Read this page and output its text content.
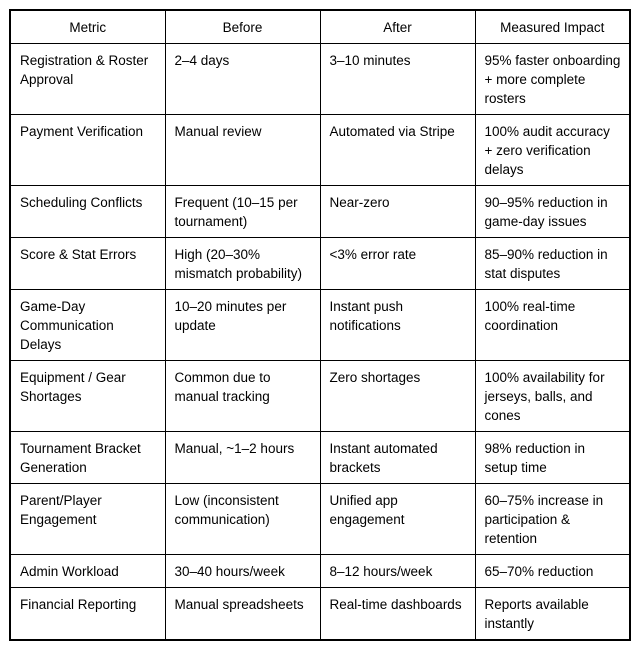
Metric	Before	After	Measured Impact
Registration & Roster Approval	2–4 days	3–10 minutes	95% faster onboarding + more complete rosters
Payment Verification	Manual review	Automated via Stripe	100% audit accuracy + zero verification delays
Scheduling Conflicts	Frequent (10–15 per tournament)	Near-zero	90–95% reduction in game-day issues
Score & Stat Errors	High (20–30% mismatch probability)	<3% error rate	85–90% reduction in stat disputes
Game-Day Communication Delays	10–20 minutes per update	Instant push notifications	100% real-time coordination
Equipment / Gear Shortages	Common due to manual tracking	Zero shortages	100% availability for jerseys, balls, and cones
Tournament Bracket Generation	Manual, ~1–2 hours	Instant automated brackets	98% reduction in setup time
Parent/Player Engagement	Low (inconsistent communication)	Unified app engagement	60–75% increase in participation & retention
Admin Workload	30–40 hours/week	8–12 hours/week	65–70% reduction
Financial Reporting	Manual spreadsheets	Real-time dashboards	Reports available instantly
